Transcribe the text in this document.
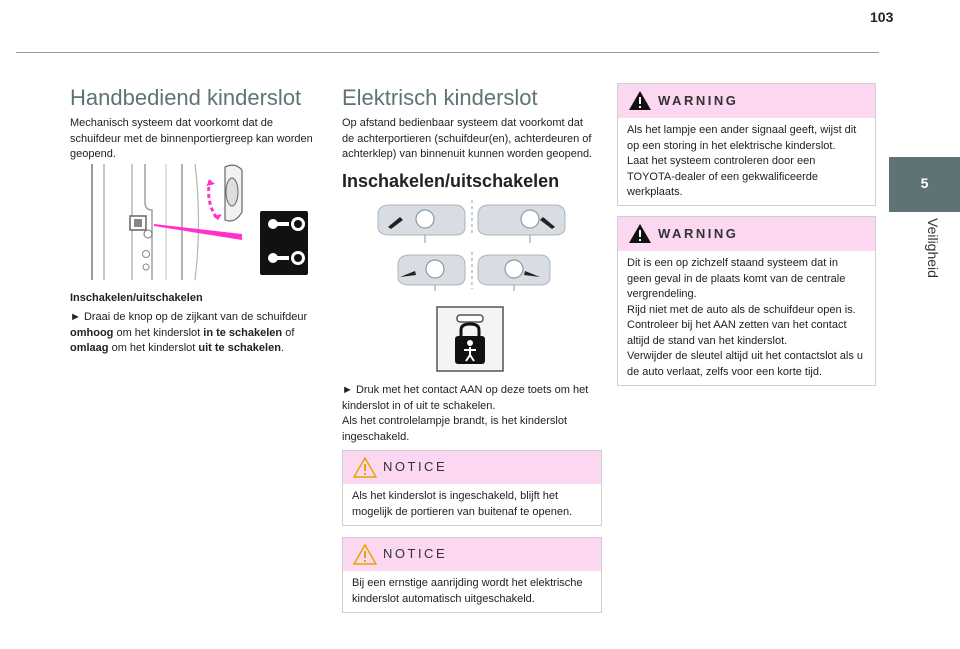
103
5
Veiligheid
Handbediend kinderslot

Mechanisch systeem dat voorkomt dat de
schuifdeur met de binnenportiergreep kan worden
geopend.

Inschakelen/uitschakelen

► Draai de knop op de zijkant van de schuifdeur
omhoog om het kinderslot in te schakelen of
omlaag om het kinderslot uit te schakelen.

Elektrisch kinderslot

Op afstand bedienbaar systeem dat voorkomt dat
de achterportieren (schuifdeur(en), achterdeuren of
achterklep) van binnenuit kunnen worden geopend.

Inschakelen/uitschakelen

► Druk met het contact AAN op deze toets om het
kinderslot in of uit te schakelen.
Als het controlelampje brandt, is het kinderslot
ingeschakeld.

NOTICE
Als het kinderslot is ingeschakeld, blijft het
mogelijk de portieren van buitenaf te openen.
NOTICE
Bij een ernstige aanrijding wordt het elektrische
kinderslot automatisch uitgeschakeld.
WARNING
Als het lampje een ander signaal geeft, wijst dit
op een storing in het elektrische kinderslot.
Laat het systeem controleren door een
TOYOTA-dealer of een gekwalificeerde
werkplaats.
WARNING
Dit is een op zichzelf staand systeem dat in
geen geval in de plaats komt van de centrale
vergrendeling.
Rijd niet met de auto als de schuifdeur open is.
Controleer bij het AAN zetten van het contact
altijd de stand van het kinderslot.
Verwijder de sleutel altijd uit het contactslot als u
de auto verlaat, zelfs voor een korte tijd.
